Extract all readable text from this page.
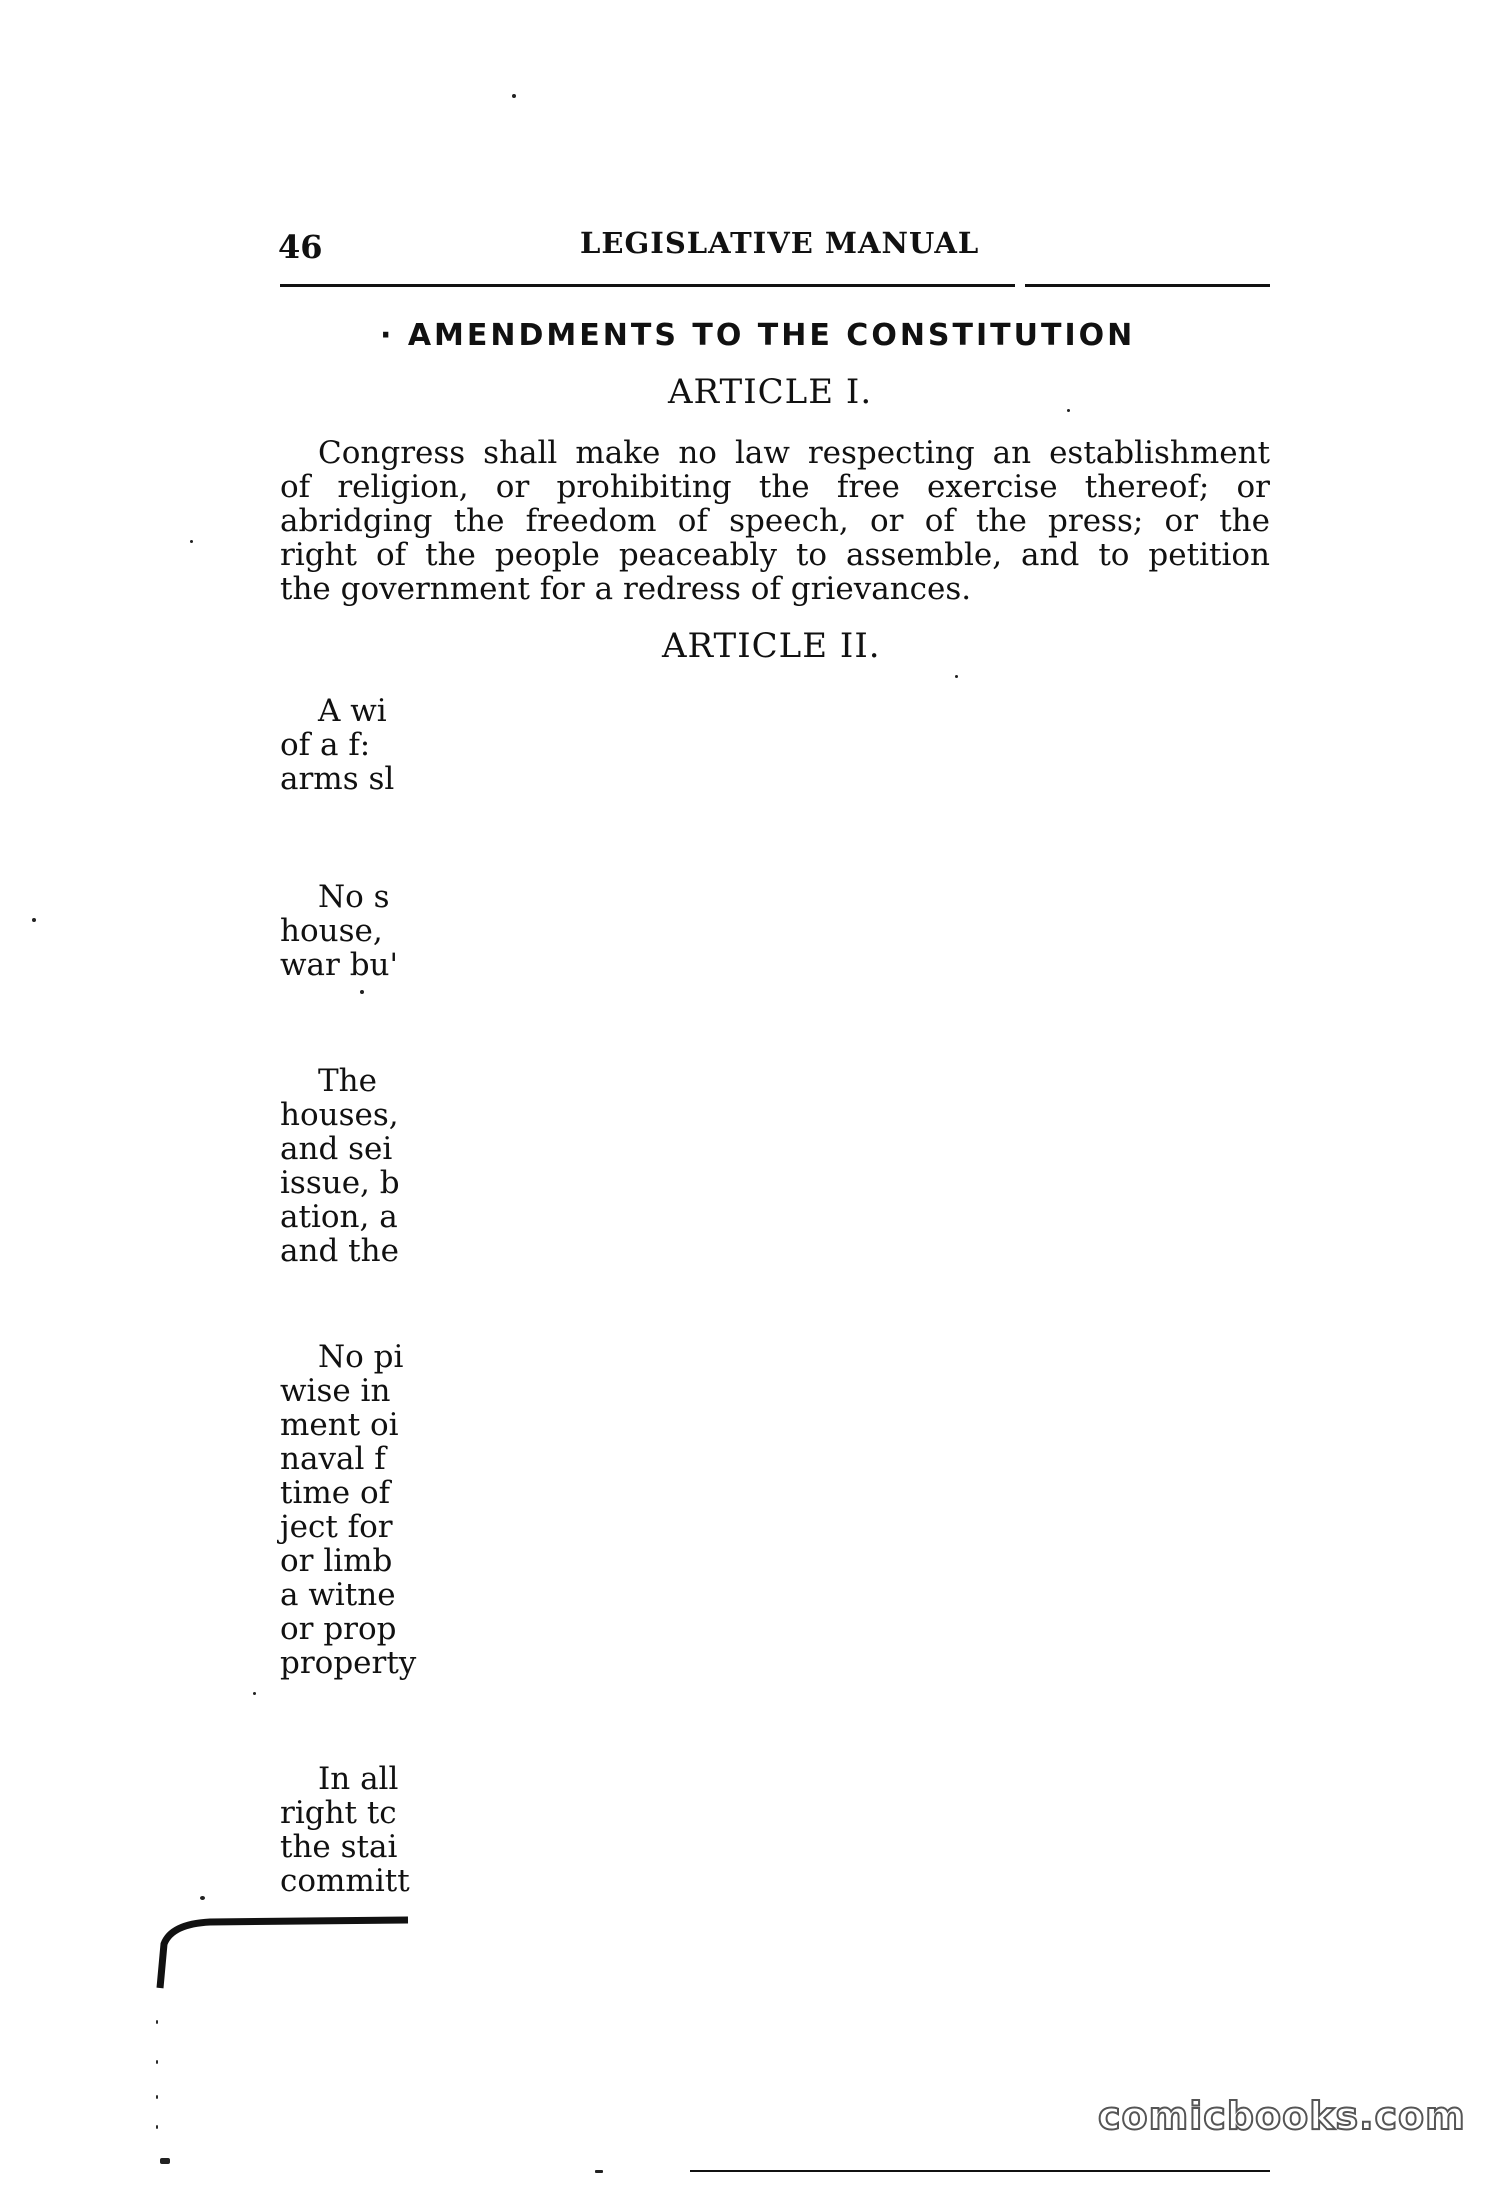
46	LEGISLATIVE MANUAL
· AMENDMENTS TO THE CONSTITUTION
ARTICLE I.
Congress shall make no law respecting an establishment
of religion, or prohibiting the free exercise thereof; or
abridging the freedom of speech, or of the press; or the
right of the people peaceably to assemble, and to petition
the government for a redress of grievances.
ARTICLE II.
A wi
of a f:
arms sl
No s
house,
war bu'
The
houses,
and sei
issue, b
ation, a
and the
No pi
wise in
ment oi
naval f
time of
ject for
or limb
a witne
or prop
property
In all
right tc
the stai
committ
comicbooks.com
